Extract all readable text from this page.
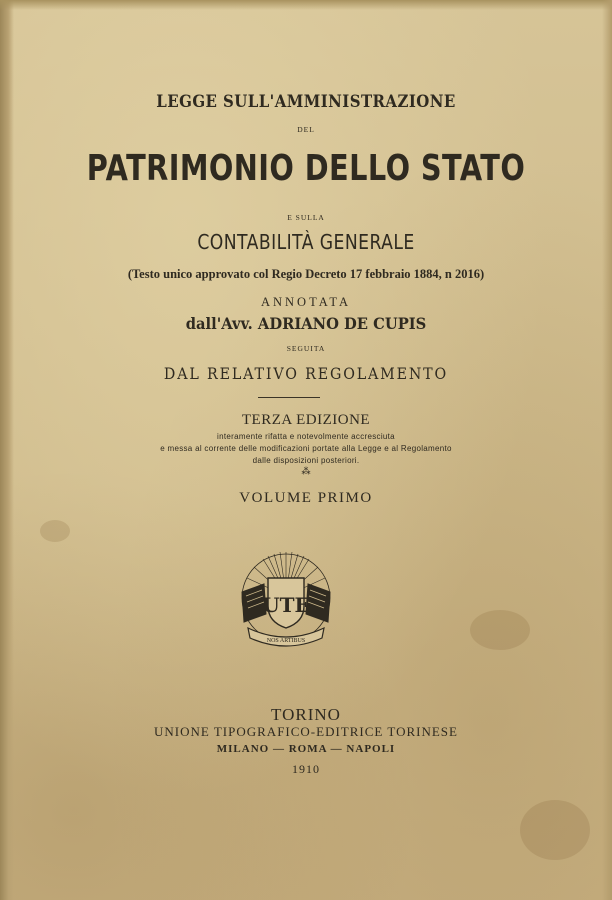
LEGGE SULL'AMMINISTRAZIONE
DEL
PATRIMONIO DELLO STATO
E SULLA
CONTABILITÀ GENERALE
(Testo unico approvato col Regio Decreto 17 febbraio 1884, n 2016)
ANNOTATA
dall'Avv. ADRIANO DE CUPIS
SEGUITA
DAL RELATIVO REGOLAMENTO
TERZA EDIZIONE
interamente rifatta e notevolmente accresciuta
e messa al corrente delle modificazioni portate alla Legge e al Regolamento
dalle disposizioni posteriori.
⁂
VOLUME PRIMO
UTE
NOS ARTIBUS
TORINO
UNIONE TIPOGRAFICO-EDITRICE TORINESE
MILANO — ROMA — NAPOLI
1910
